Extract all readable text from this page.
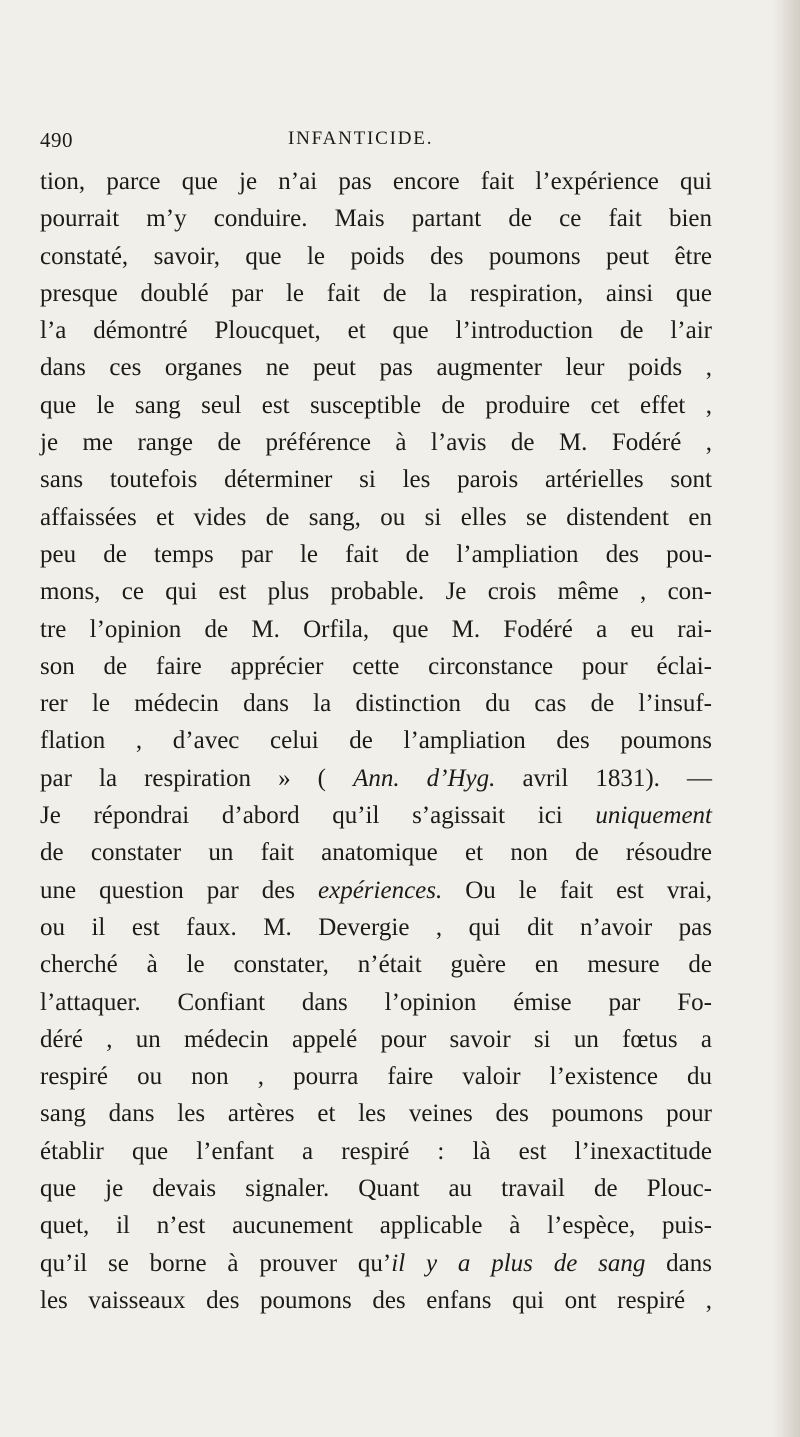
490	INFANTICIDE.
tion, parce que je n’ai pas encore fait l’expérience qui
pourrait m’y conduire. Mais partant de ce fait bien
constaté, savoir, que le poids des poumons peut être
presque doublé par le fait de la respiration, ainsi que
l’a démontré Ploucquet, et que l’introduction de l’air
dans ces organes ne peut pas augmenter leur poids ,
que le sang seul est susceptible de produire cet effet ,
je me range de préférence à l’avis de M. Fodéré ,
sans toutefois déterminer si les parois artérielles sont
affaissées et vides de sang, ou si elles se distendent en
peu de temps par le fait de l’ampliation des pou-
mons, ce qui est plus probable. Je crois même , con-
tre l’opinion de M. Orfila, que M. Fodéré a eu rai-
son de faire apprécier cette circonstance pour éclai-
rer le médecin dans la distinction du cas de l’insuf-
flation , d’avec celui de l’ampliation des poumons
par la respiration » ( Ann. d’Hyg. avril 1831). —
Je répondrai d’abord qu’il s’agissait ici uniquement
de constater un fait anatomique et non de résoudre
une question par des expériences. Ou le fait est vrai,
ou il est faux. M. Devergie , qui dit n’avoir pas
cherché à le constater, n’était guère en mesure de
l’attaquer. Confiant dans l’opinion émise par Fo-
déré , un médecin appelé pour savoir si un fœtus a
respiré ou non , pourra faire valoir l’existence du
sang dans les artères et les veines des poumons pour
établir que l’enfant a respiré : là est l’inexactitude
que je devais signaler. Quant au travail de Plouc-
quet, il n’est aucunement applicable à l’espèce, puis-
qu’il se borne à prouver qu’il y a plus de sang dans
les vaisseaux des poumons des enfans qui ont respiré ,
